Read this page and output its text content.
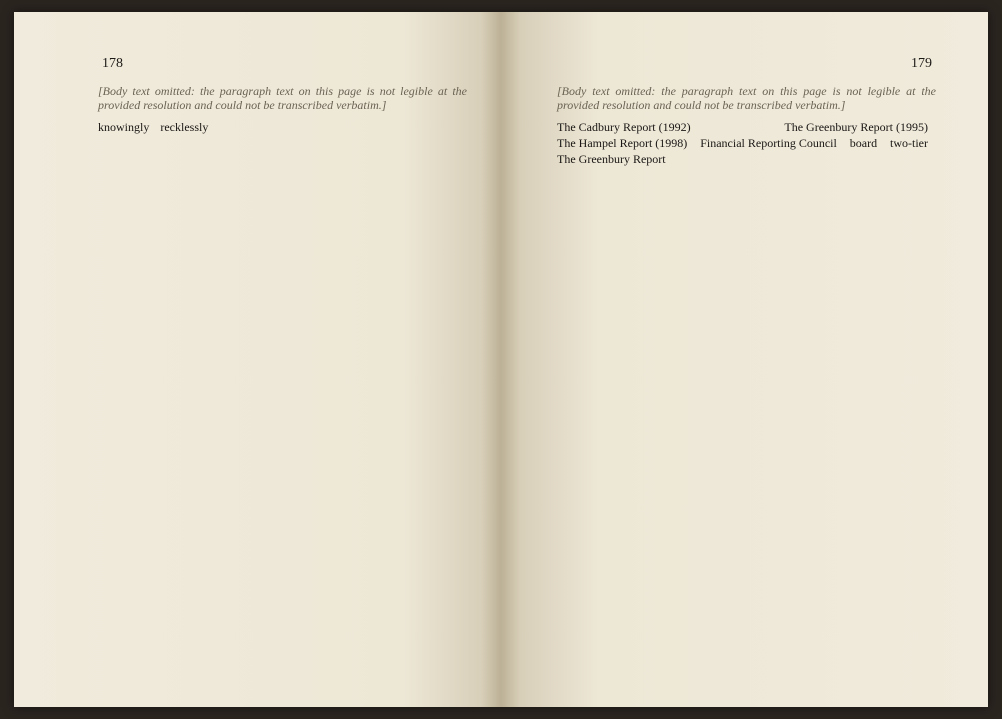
178

[Body text omitted: the paragraph text on this page is not legible at the provided resolution and could not be transcribed verbatim.]

knowingly recklessly
179

[Body text omitted: the paragraph text on this page is not legible at the provided resolution and could not be transcribed verbatim.]

The Cadbury Report (1992)	The Greenbury Report (1995) The Hampel Report (1998) Financial Reporting Council board two-tier The Greenbury Report
